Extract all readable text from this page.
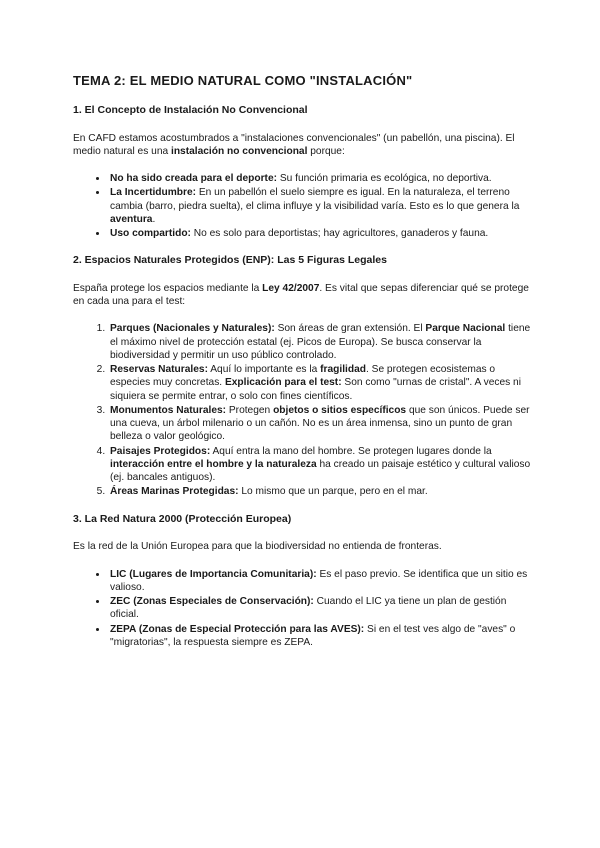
TEMA 2: EL MEDIO NATURAL COMO "INSTALACIÓN"
1. El Concepto de Instalación No Convencional

En CAFD estamos acostumbrados a "instalaciones convencionales" (un pabellón, una piscina). El medio natural es una instalación no convencional porque:

• No ha sido creada para el deporte: Su función primaria es ecológica, no deportiva.
• La Incertidumbre: En un pabellón el suelo siempre es igual. En la naturaleza, el terreno cambia (barro, piedra suelta), el clima influye y la visibilidad varía. Esto es lo que genera la aventura.
• Uso compartido: No es solo para deportistas; hay agricultores, ganaderos y fauna.
2. Espacios Naturales Protegidos (ENP): Las 5 Figuras Legales

España protege los espacios mediante la Ley 42/2007. Es vital que sepas diferenciar qué se protege en cada una para el test:

1. Parques (Nacionales y Naturales): Son áreas de gran extensión. El Parque Nacional tiene el máximo nivel de protección estatal (ej. Picos de Europa). Se busca conservar la biodiversidad y permitir un uso público controlado.
2. Reservas Naturales: Aquí lo importante es la fragilidad. Se protegen ecosistemas o especies muy concretas. Explicación para el test: Son como "urnas de cristal". A veces ni siquiera se permite entrar, o solo con fines científicos.
3. Monumentos Naturales: Protegen objetos o sitios específicos que son únicos. Puede ser una cueva, un árbol milenario o un cañón. No es un área inmensa, sino un punto de gran belleza o valor geológico.
4. Paisajes Protegidos: Aquí entra la mano del hombre. Se protegen lugares donde la interacción entre el hombre y la naturaleza ha creado un paisaje estético y cultural valioso (ej. bancales antiguos).
5. Áreas Marinas Protegidas: Lo mismo que un parque, pero en el mar.
3. La Red Natura 2000 (Protección Europea)

Es la red de la Unión Europea para que la biodiversidad no entienda de fronteras.

• LIC (Lugares de Importancia Comunitaria): Es el paso previo. Se identifica que un sitio es valioso.
• ZEC (Zonas Especiales de Conservación): Cuando el LIC ya tiene un plan de gestión oficial.
• ZEPA (Zonas de Especial Protección para las AVES): Si en el test ves algo de "aves" o "migratorias", la respuesta siempre es ZEPA.
